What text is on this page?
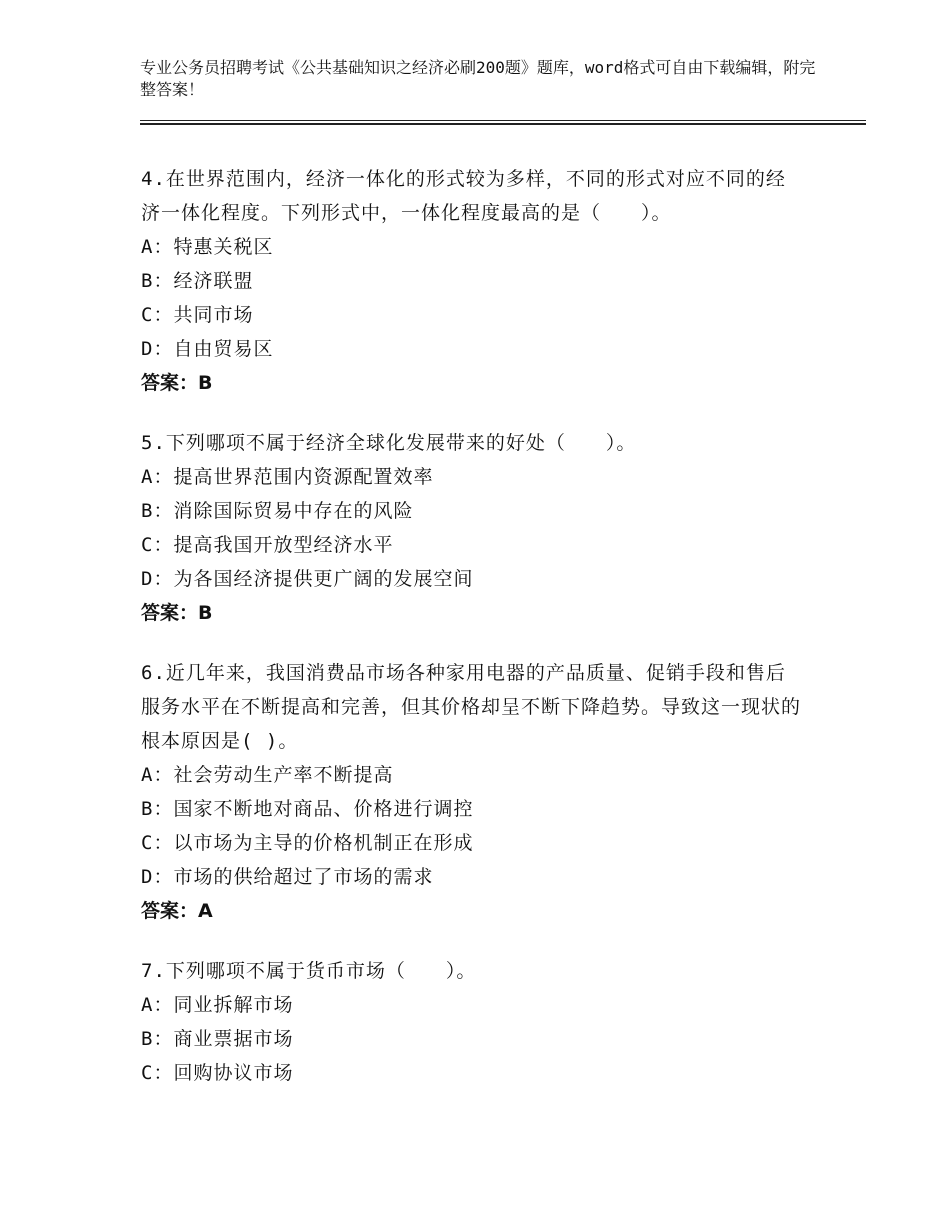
专业公务员招聘考试《公共基础知识之经济必刷200题》题库，word格式可自由下载编辑，附完整答案！
4.在世界范围内，经济一体化的形式较为多样，不同的形式对应不同的经济一体化程度。下列形式中，一体化程度最高的是（　　）。
A：特惠关税区
B：经济联盟
C：共同市场
D：自由贸易区
答案：B
5.下列哪项不属于经济全球化发展带来的好处（　　）。
A：提高世界范围内资源配置效率
B：消除国际贸易中存在的风险
C：提高我国开放型经济水平
D：为各国经济提供更广阔的发展空间
答案：B
6.近几年来，我国消费品市场各种家用电器的产品质量、促销手段和售后服务水平在不断提高和完善，但其价格却呈不断下降趋势。导致这一现状的根本原因是( )。
A：社会劳动生产率不断提高
B：国家不断地对商品、价格进行调控
C：以市场为主导的价格机制正在形成
D：市场的供给超过了市场的需求
答案：A
7.下列哪项不属于货币市场（　　）。
A：同业拆解市场
B：商业票据市场
C：回购协议市场
